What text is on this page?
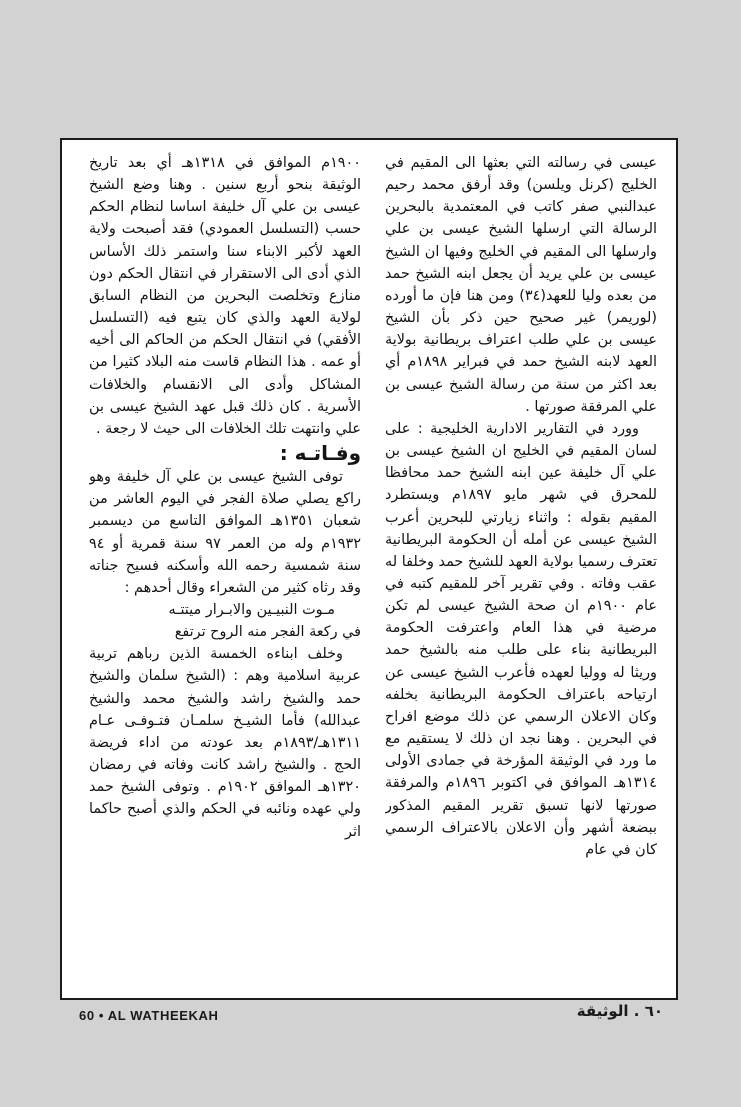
عيسى في رسالته التي بعثها الى المقيم في الخليج (كرنل ويلسن) وقد أرفق محمد رحيم عبدالنبي صفر كاتب في المعتمدية بالبحرين الرسالة التي ارسلها الشيخ عيسى بن علي وارسلها الى المقيم في الخليج وفيها ان الشيخ عيسى بن علي يريد أن يجعل ابنه الشيخ حمد من بعده وليا للعهد(٣٤) ومن هنا فإن ما أورده (لوريمر) غير صحيح حين ذكر بأن الشيخ عيسى بن علي طلب اعتراف بريطانية بولاية العهد لابنه الشيخ حمد في فبراير ١٨٩٨م أي بعد اكثر من سنة من رسالة الشيخ عيسى بن علي المرفقة صورتها .

وورد في التقارير الادارية الخليجية : على لسان المقيم في الخليج ان الشيخ عيسى بن علي آل خليفة عين ابنه الشيخ حمد محافظا للمحرق في شهر مايو ١٨٩٧م ويستطرد المقيم بقوله : واثناء زيارتي للبحرين أعرب الشيخ عيسى عن أمله أن الحكومة البريطانية تعترف رسميا بولاية العهد للشيخ حمد وخلفا له عقب وفاته . وفي تقرير آخر للمقيم كتبه في عام ١٩٠٠م ان صحة الشيخ عيسى لم تكن مرضية في هذا العام واعترفت الحكومة البريطانية بناء على طلب منه بالشيخ حمد وريثا له ووليا لعهده فأعرب الشيخ عيسى عن ارتياحه باعتراف الحكومة البريطانية بخلفه وكان الاعلان الرسمي عن ذلك موضع افراح في البحرين . وهنا نجد ان ذلك لا يستقيم مع ما ورد في الوثيقة المؤرخة في جمادى الأولى ١٣١٤هـ الموافق في اكتوبر ١٨٩٦م والمرفقة صورتها لانها تسبق تقرير المقيم المذكور ببضعة أشهر وأن الاعلان بالاعتراف الرسمي كان في عام

١٩٠٠م الموافق في ١٣١٨هـ أي بعد تاريخ الوثيقة بنحو أربع سنين . وهنا وضع الشيخ عيسى بن علي آل خليفة اساسا لنظام الحكم حسب (التسلسل العمودي) فقد أصبحت ولاية العهد لأكبر الابناء سنا واستمر ذلك الأساس الذي أدى الى الاستقرار في انتقال الحكم دون منازع وتخلصت البحرين من النظام السابق لولاية العهد والذي كان يتبع فيه (التسلسل الأفقي) في انتقال الحكم من الحاكم الى أخيه أو عمه . هذا النظام قاست منه البلاد كثيرا من المشاكل وأدى الى الانقسام والخلافات الأسرية . كان ذلك قبل عهد الشيخ عيسى بن علي وانتهت تلك الخلافات الى حيث لا رجعة .

وفـاتـه :

توفى الشيخ عيسى بن علي آل خليفة وهو راكع يصلي صلاة الفجر في اليوم العاشر من شعبان ١٣٥١هـ الموافق التاسع من ديسمبر ١٩٣٢م وله من العمر ٩٧ سنة قمرية أو ٩٤ سنة شمسية رحمه الله وأسكنه فسيح جناته وقد رثاه كثير من الشعراء وقال أحدهم :

مـوت النبيـين والابـرار ميتتـه

في ركعة الفجر منه الروح ترتفع

وخلف ابناءه الخمسة الذين رباهم تربية عربية اسلامية وهم : (الشيخ سلمان والشيخ حمد والشيخ راشد والشيخ محمد والشيخ عبدالله) فأما الشيـخ سلمـان فتـوفـى عـام ١٣١١هـ/١٨٩٣م بعد عودته من اداء فريضة الحج . والشيخ راشد كانت وفاته في رمضان ١٣٢٠هـ الموافق ١٩٠٢م . وتوفى الشيخ حمد ولي عهده ونائبه في الحكم والذي أصبح حاكما اثر

60 • AL WATHEEKAH	٦٠ . الوثيقة
